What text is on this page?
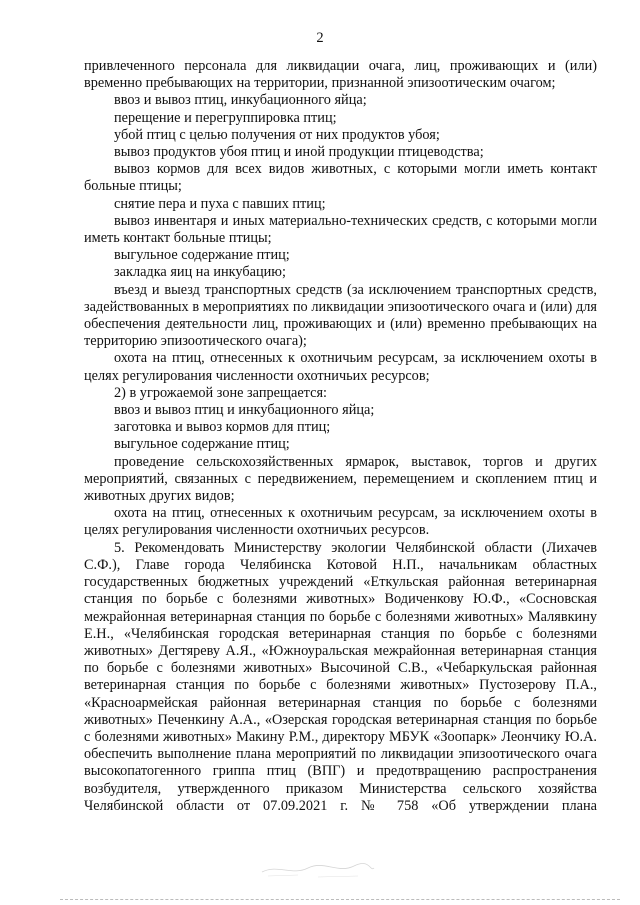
2

привлеченного персонала для ликвидации очага, лиц, проживающих и (или) временно пребывающих на территории, признанной эпизоотическим очагом;

ввоз и вывоз птиц, инкубационного яйца;

перещение и перегруппировка птиц;

убой птиц с целью получения от них продуктов убоя;

вывоз продуктов убоя птиц и иной продукции птицеводства;

вывоз кормов для всех видов животных, с которыми могли иметь контакт больные птицы;

снятие пера и пуха с павших птиц;

вывоз инвентаря и иных материально-технических средств, с которыми могли иметь контакт больные птицы;

выгульное содержание птиц;

закладка яиц на инкубацию;

въезд и выезд транспортных средств (за исключением транспортных средств, задействованных в мероприятиях по ликвидации эпизоотического очага и (или) для обеспечения деятельности лиц, проживающих и (или) временно пребывающих на территорию эпизоотического очага);

охота на птиц, отнесенных к охотничьим ресурсам, за исключением охоты в целях регулирования численности охотничьих ресурсов;

2) в угрожаемой зоне запрещается:

ввоз и вывоз птиц и инкубационного яйца;

заготовка и вывоз кормов для птиц;

выгульное содержание птиц;

проведение сельскохозяйственных ярмарок, выставок, торгов и других мероприятий, связанных с передвижением, перемещением и скоплением птиц и животных других видов;

охота на птиц, отнесенных к охотничьим ресурсам, за исключением охоты в целях регулирования численности охотничьих ресурсов.

5. Рекомендовать Министерству экологии Челябинской области (Лихачев С.Ф.), Главе города Челябинска Котовой Н.П., начальникам областных государственных бюджетных учреждений «Еткульская районная ветеринарная станция по борьбе с болезнями животных» Водиченкову Ю.Ф., «Сосновская межрайонная ветеринарная станция по борьбе с болезнями животных» Малявкину Е.Н., «Челябинская городская ветеринарная станция по борьбе с болезнями животных» Дегтяреву А.Я., «Южноуральская межрайонная ветеринарная станция по борьбе с болезнями животных» Высочиной С.В., «Чебаркульская районная ветеринарная станция по борьбе с болезнями животных» Пустозерову П.А., «Красноармейская районная ветеринарная станция по борьбе с болезнями животных» Печенкину А.А., «Озерская городская ветеринарная станция по борьбе с болезнями животных» Макину Р.М., директору МБУК «Зоопарк» Леончику Ю.А. обеспечить выполнение плана мероприятий по ликвидации эпизоотического очага высокопатогенного гриппа птиц (ВПГ) и предотвращению распространения возбудителя, утвержденного приказом Министерства сельского хозяйства Челябинской области от 07.09.2021 г. № 758 «Об утверждении плана
